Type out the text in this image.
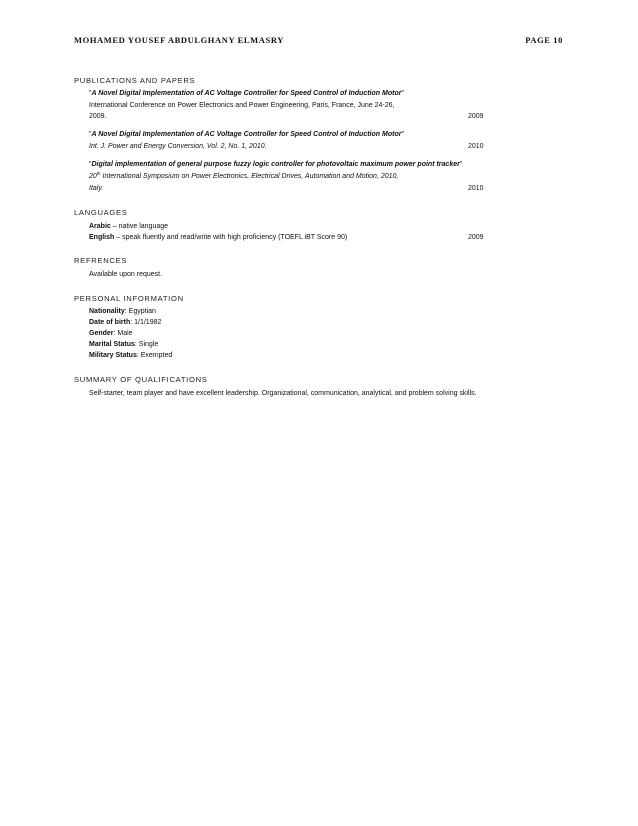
MOHAMED YOUSEF ABDULGHANY ELMASRY	PAGE 10
PUBLICATIONS AND PAPERS
"A Novel Digital Implementation of AC Voltage Controller for Speed Control of Induction Motor"
International Conference on Power Electronics and Power Engineering, Paris, France, June 24-26,
2009.	2009
"A Novel Digital Implementation of AC Voltage Controller for Speed Control of Induction Motor"
Int. J. Power and Energy Conversion, Vol. 2, No. 1, 2010.	2010
"Digital implementation of general purpose fuzzy logic controller for photovoltaic maximum power point tracker"
20th International Symposium on Power Electronics, Electrical Drives, Automation and Motion, 2010,
Italy.	2010
LANGUAGES
Arabic – native language
English – speak fluently and read/write with high proficiency (TOEFL iBT Score 90)	2009
REFRENCES
Available upon request.
PERSONAL INFORMATION
Nationality: Egyptian
Date of birth: 1/1/1982
Gender: Male
Marital Status: Single
Military Status: Exempted
SUMMARY OF QUALIFICATIONS
Self-starter, team player and have excellent leadership. Organizational, communication, analytical, and problem solving skills.
